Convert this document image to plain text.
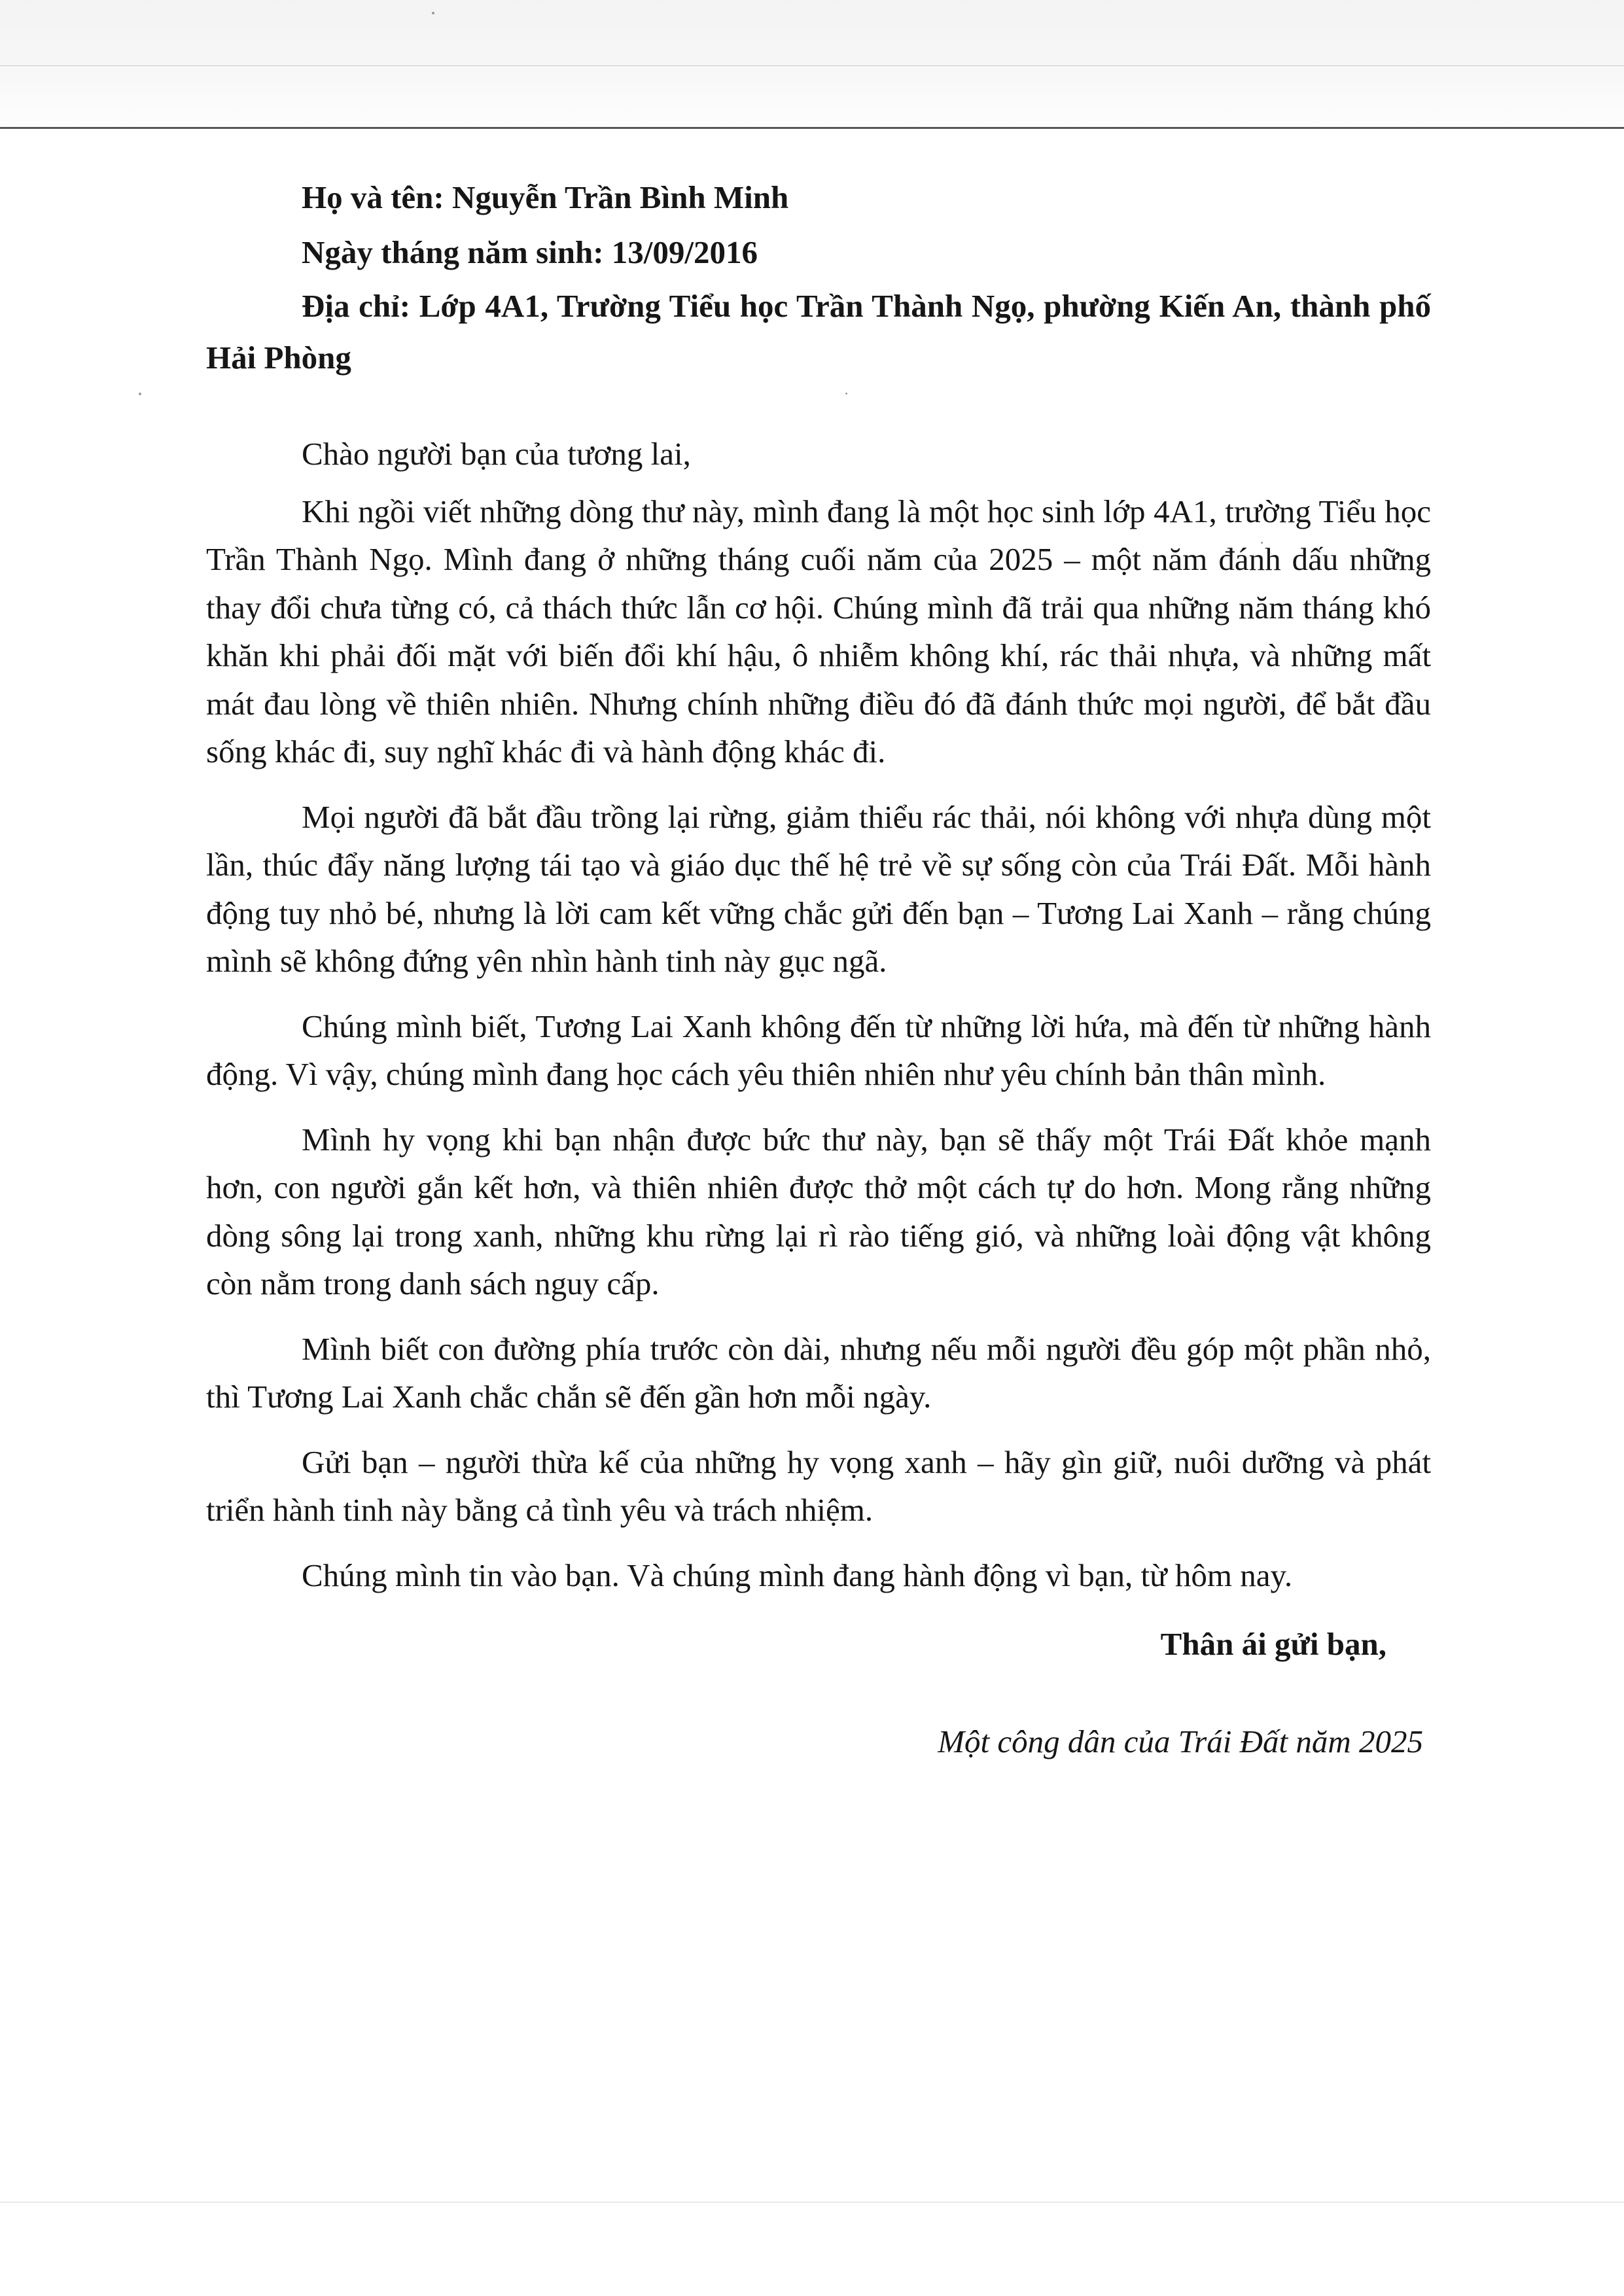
Họ và tên: Nguyễn Trần Bình Minh

Ngày tháng năm sinh: 13/09/2016

Địa chỉ: Lớp 4A1, Trường Tiểu học Trần Thành Ngọ, phường Kiến An, thành phố Hải Phòng

Chào người bạn của tương lai,

Khi ngồi viết những dòng thư này, mình đang là một học sinh lớp 4A1, trường Tiểu học Trần Thành Ngọ. Mình đang ở những tháng cuối năm của 2025 – một năm đánh dấu những thay đổi chưa từng có, cả thách thức lẫn cơ hội. Chúng mình đã trải qua những năm tháng khó khăn khi phải đối mặt với biến đổi khí hậu, ô nhiễm không khí, rác thải nhựa, và những mất mát đau lòng về thiên nhiên. Nhưng chính những điều đó đã đánh thức mọi người, để bắt đầu sống khác đi, suy nghĩ khác đi và hành động khác đi.

Mọi người đã bắt đầu trồng lại rừng, giảm thiểu rác thải, nói không với nhựa dùng một lần, thúc đẩy năng lượng tái tạo và giáo dục thế hệ trẻ về sự sống còn của Trái Đất. Mỗi hành động tuy nhỏ bé, nhưng là lời cam kết vững chắc gửi đến bạn – Tương Lai Xanh – rằng chúng mình sẽ không đứng yên nhìn hành tinh này gục ngã.

Chúng mình biết, Tương Lai Xanh không đến từ những lời hứa, mà đến từ những hành động. Vì vậy, chúng mình đang học cách yêu thiên nhiên như yêu chính bản thân mình.

Mình hy vọng khi bạn nhận được bức thư này, bạn sẽ thấy một Trái Đất khỏe mạnh hơn, con người gắn kết hơn, và thiên nhiên được thở một cách tự do hơn. Mong rằng những dòng sông lại trong xanh, những khu rừng lại rì rào tiếng gió, và những loài động vật không còn nằm trong danh sách nguy cấp.

Mình biết con đường phía trước còn dài, nhưng nếu mỗi người đều góp một phần nhỏ, thì Tương Lai Xanh chắc chắn sẽ đến gần hơn mỗi ngày.

Gửi bạn – người thừa kế của những hy vọng xanh – hãy gìn giữ, nuôi dưỡng và phát triển hành tinh này bằng cả tình yêu và trách nhiệm.

Chúng mình tin vào bạn. Và chúng mình đang hành động vì bạn, từ hôm nay.

Thân ái gửi bạn,

Một công dân của Trái Đất năm 2025
